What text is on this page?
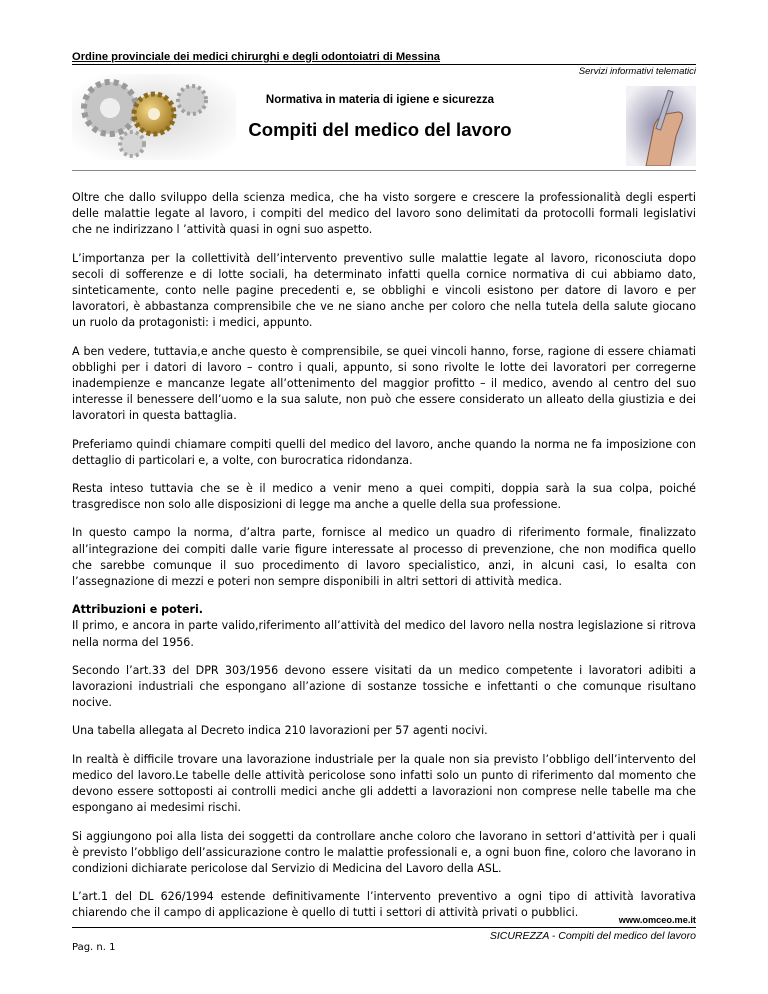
Ordine provinciale dei medici chirurghi e degli odontoiatri di Messina
Servizi informativi telematici
Normativa in materia di igiene e sicurezza
Compiti del medico del lavoro

Oltre che dallo sviluppo della scienza medica, che ha visto sorgere e crescere la professionalità degli esperti delle malattie legate al lavoro, i compiti del medico del lavoro sono delimitati da protocolli formali legislativi che ne indirizzano l ’attività quasi in ogni suo aspetto.

L’importanza per la collettività dell’intervento preventivo sulle malattie legate al lavoro, riconosciuta dopo secoli di sofferenze e di lotte sociali, ha determinato infatti quella cornice normativa di cui abbiamo dato, sinteticamente, conto nelle pagine precedenti e, se obblighi e vincoli esistono per datore di lavoro e per lavoratori, è abbastanza comprensibile che ve ne siano anche per coloro che nella tutela della salute giocano un ruolo da protagonisti: i medici, appunto.

A ben vedere, tuttavia,e anche questo è comprensibile, se quei vincoli hanno, forse, ragione di essere chiamati obblighi per i datori di lavoro – contro i quali, appunto, si sono rivolte le lotte dei lavoratori per corregerne inadempienze e mancanze legate all’ottenimento del maggior profitto – il medico, avendo al centro del suo interesse il benessere dell’uomo e la sua salute, non può che essere considerato un alleato della giustizia e dei lavoratori in questa battaglia.

Preferiamo quindi chiamare compiti quelli del medico del lavoro, anche quando la norma ne fa imposizione con dettaglio di particolari e, a volte, con burocratica ridondanza.

Resta inteso tuttavia che se è il medico a venir meno a quei compiti, doppia sarà la sua colpa, poiché trasgredisce non solo alle disposizioni di legge ma anche a quelle della sua professione.

In questo campo la norma, d’altra parte, fornisce al medico un quadro di riferimento formale, finalizzato all’integrazione dei compiti dalle varie figure interessate al processo di prevenzione, che non modifica quello che sarebbe comunque il suo procedimento di lavoro specialistico, anzi, in alcuni casi, lo esalta con l’assegnazione di mezzi e poteri non sempre disponibili in altri settori di attività medica.

Attribuzioni e poteri.

Il primo, e ancora in parte valido,riferimento all’attività del medico del lavoro nella nostra legislazione si ritrova nella norma del 1956.

Secondo l’art.33 del DPR 303/1956 devono essere visitati da un medico competente i lavoratori adibiti a lavorazioni industriali che espongano all’azione di sostanze tossiche e infettanti o che comunque risultano nocive.

Una tabella allegata al Decreto indica 210 lavorazioni per 57 agenti nocivi.

In realtà è difficile trovare una lavorazione industriale per la quale non sia previsto l’obbligo dell’intervento del medico del lavoro.Le tabelle delle attività pericolose sono infatti solo un punto di riferimento dal momento che devono essere sottoposti ai controlli medici anche gli addetti a lavorazioni non comprese nelle tabelle ma che espongano ai medesimi rischi.

Si aggiungono poi alla lista dei soggetti da controllare anche coloro che lavorano in settori d’attività per i quali è previsto l’obbligo dell’assicurazione contro le malattie professionali e, a ogni buon fine, coloro che lavorano in condizioni dichiarate pericolose dal Servizio di Medicina del Lavoro della ASL.

L’art.1 del DL 626/1994 estende definitivamente l’intervento preventivo a ogni tipo di attività lavorativa chiarendo che il campo di applicazione è quello di tutti i settori di attività privati o pubblici.

www.omceo.me.it
SICUREZZA - Compiti del medico del lavoro
Pag. n. 1
